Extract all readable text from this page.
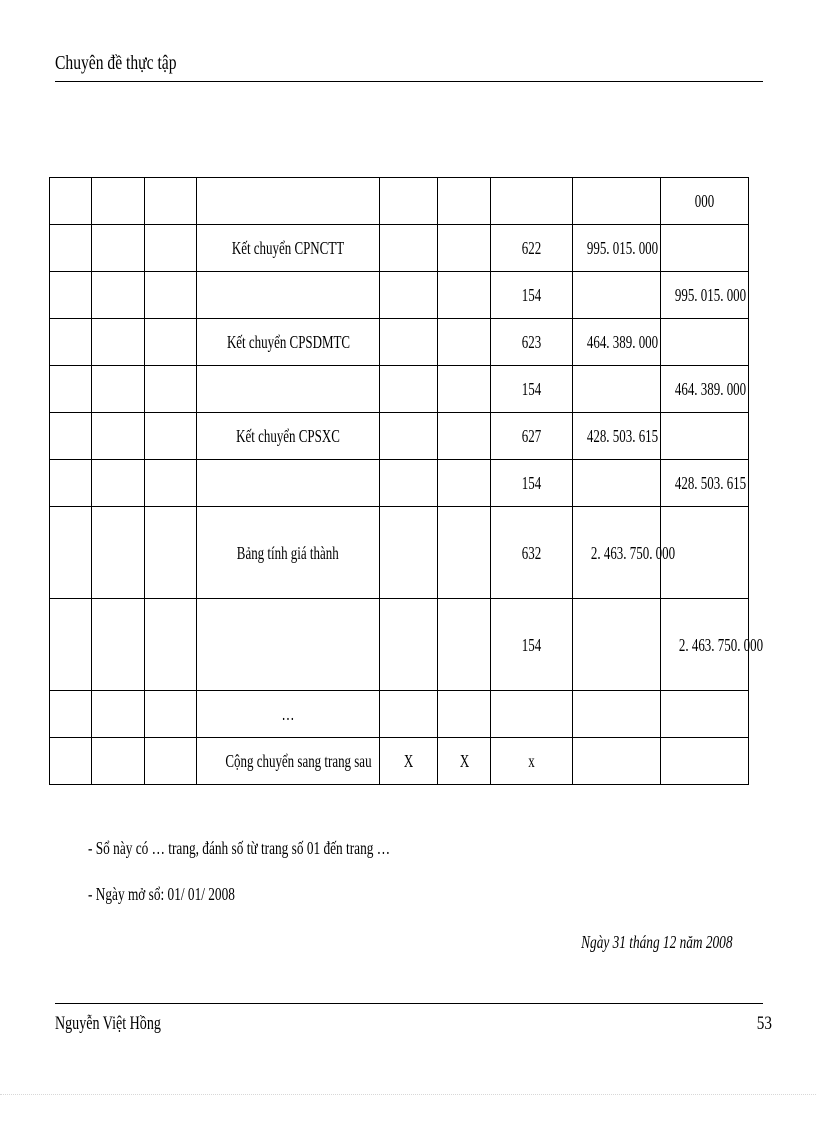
Chuyên đề thực tập
								000
			Kết chuyển CPNCTT			622	995. 015. 000	
						154		995. 015. 000
			Kết chuyển CPSDMTC			623	464. 389. 000	
						154		464. 389. 000
			Kết chuyển CPSXC			627	428. 503. 615	
						154		428. 503. 615
			Bảng tính giá thành			632	2. 463. 750. 000	
						154		2. 463. 750. 000
			…					
			Cộng chuyển sang trang sau	X	X	x		
- Sổ này có … trang, đánh số từ trang số 01 đến trang …
- Ngày mở sổ: 01/ 01/ 2008
Ngày 31 tháng 12 năm 2008
Nguyễn Việt Hồng	53
